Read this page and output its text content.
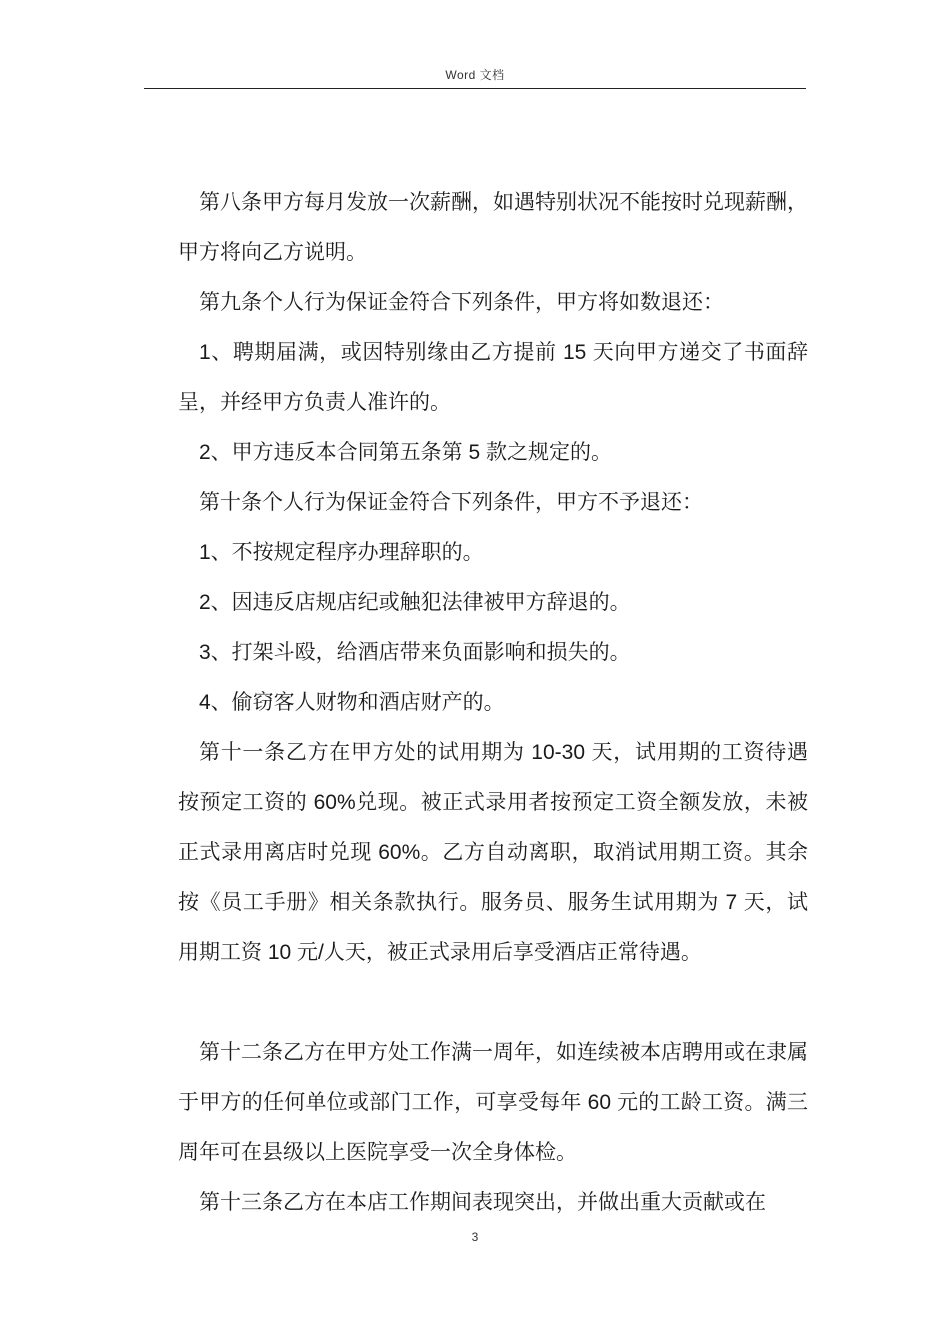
Word 文档

第八条甲方每月发放一次薪酬，如遇特别状况不能按时兑现薪酬，甲方将向乙方说明。

第九条个人行为保证金符合下列条件，甲方将如数退还：

1、聘期届满，或因特别缘由乙方提前 15 天向甲方递交了书面辞呈，并经甲方负责人准许的。

2、甲方违反本合同第五条第 5 款之规定的。

第十条个人行为保证金符合下列条件，甲方不予退还：

1、不按规定程序办理辞职的。

2、因违反店规店纪或触犯法律被甲方辞退的。

3、打架斗殴，给酒店带来负面影响和损失的。

4、偷窃客人财物和酒店财产的。

第十一条乙方在甲方处的试用期为 10-30 天，试用期的工资待遇按预定工资的 60%兑现。被正式录用者按预定工资全额发放，未被正式录用离店时兑现 60%。乙方自动离职，取消试用期工资。其余按《员工手册》相关条款执行。服务员、服务生试用期为 7 天，试用期工资 10 元/人天，被正式录用后享受酒店正常待遇。

第十二条乙方在甲方处工作满一周年，如连续被本店聘用或在隶属于甲方的任何单位或部门工作，可享受每年 60 元的工龄工资。满三周年可在县级以上医院享受一次全身体检。

第十三条乙方在本店工作期间表现突出，并做出重大贡献或在

3
